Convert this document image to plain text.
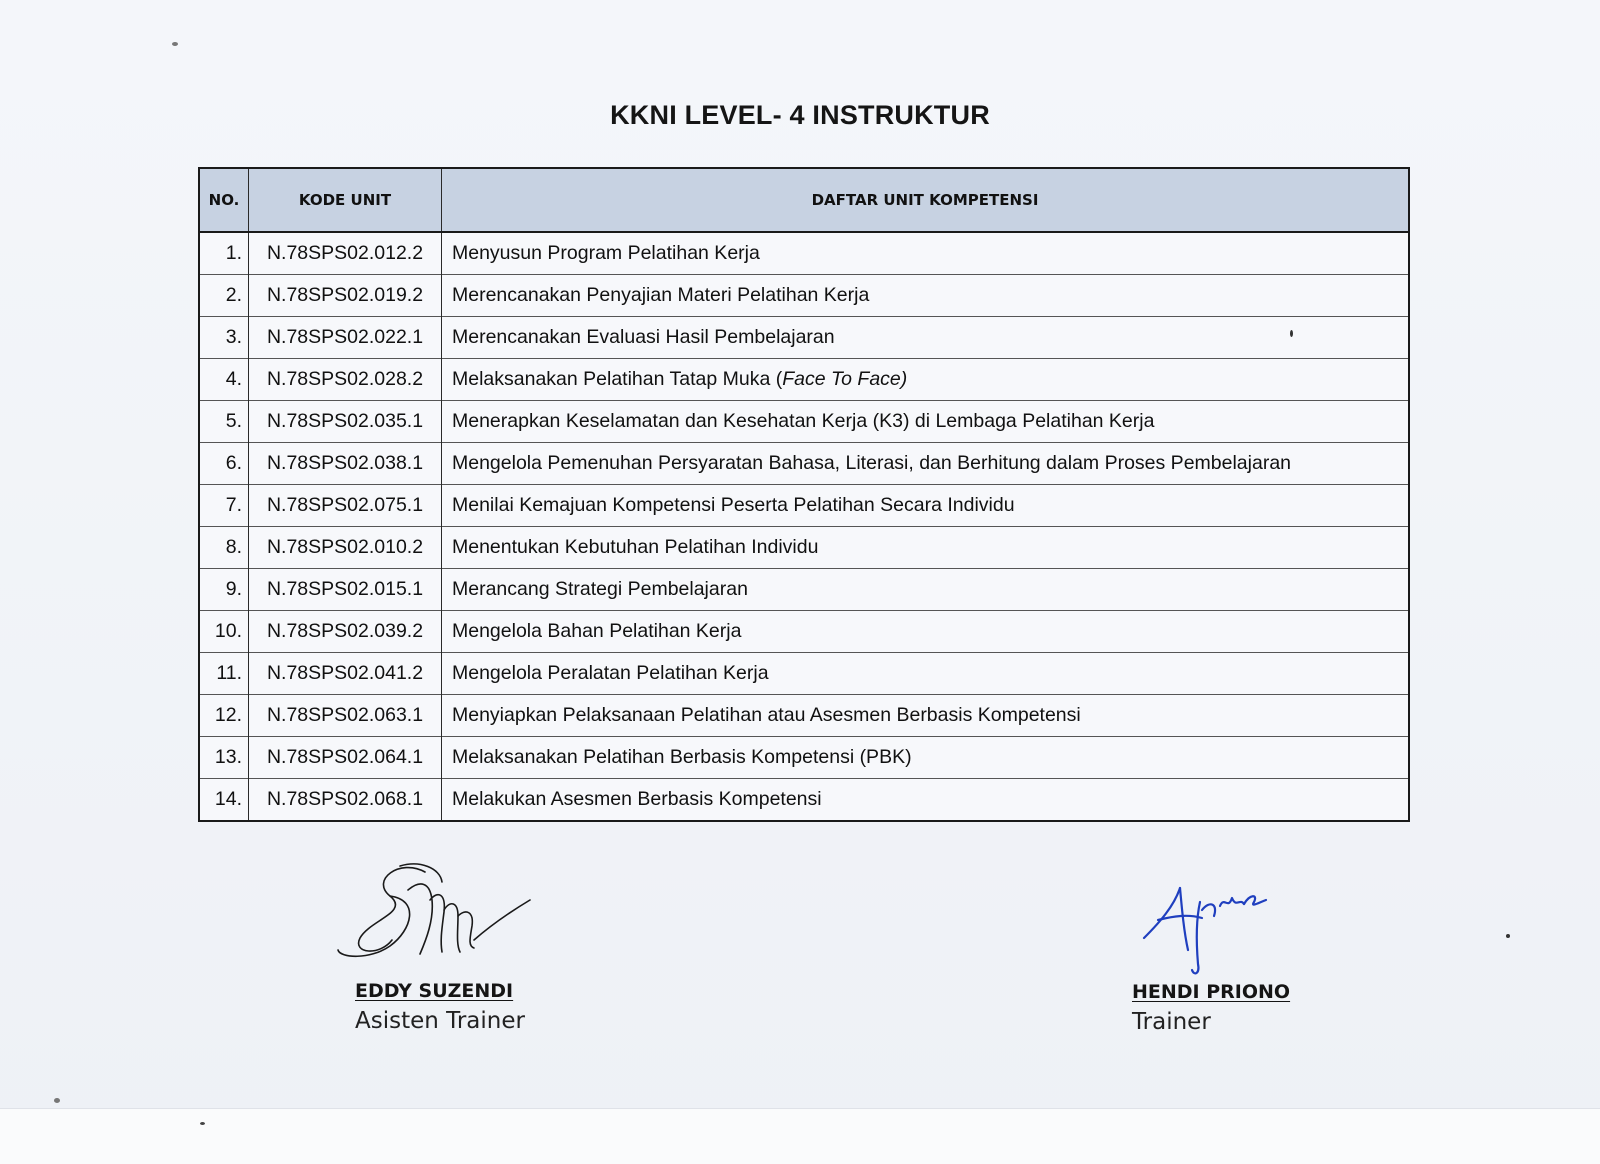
KKNI LEVEL- 4 INSTRUKTUR
NO.	KODE UNIT	DAFTAR UNIT KOMPETENSI
1.	N.78SPS02.012.2	Menyusun Program Pelatihan Kerja
2.	N.78SPS02.019.2	Merencanakan Penyajian Materi Pelatihan Kerja
3.	N.78SPS02.022.1	Merencanakan Evaluasi Hasil Pembelajaran
4.	N.78SPS02.028.2	Melaksanakan Pelatihan Tatap Muka (Face To Face)
5.	N.78SPS02.035.1	Menerapkan Keselamatan dan Kesehatan Kerja (K3) di Lembaga Pelatihan Kerja
6.	N.78SPS02.038.1	Mengelola Pemenuhan Persyaratan Bahasa, Literasi, dan Berhitung dalam Proses Pembelajaran
7.	N.78SPS02.075.1	Menilai Kemajuan Kompetensi Peserta Pelatihan Secara Individu
8.	N.78SPS02.010.2	Menentukan Kebutuhan Pelatihan Individu
9.	N.78SPS02.015.1	Merancang Strategi Pembelajaran
10.	N.78SPS02.039.2	Mengelola Bahan Pelatihan Kerja
11.	N.78SPS02.041.2	Mengelola Peralatan Pelatihan Kerja
12.	N.78SPS02.063.1	Menyiapkan Pelaksanaan Pelatihan atau Asesmen Berbasis Kompetensi
13.	N.78SPS02.064.1	Melaksanakan Pelatihan Berbasis Kompetensi (PBK)
14.	N.78SPS02.068.1	Melakukan Asesmen Berbasis Kompetensi
EDDY SUZENDI
Asisten Trainer
HENDI PRIONO
Trainer
